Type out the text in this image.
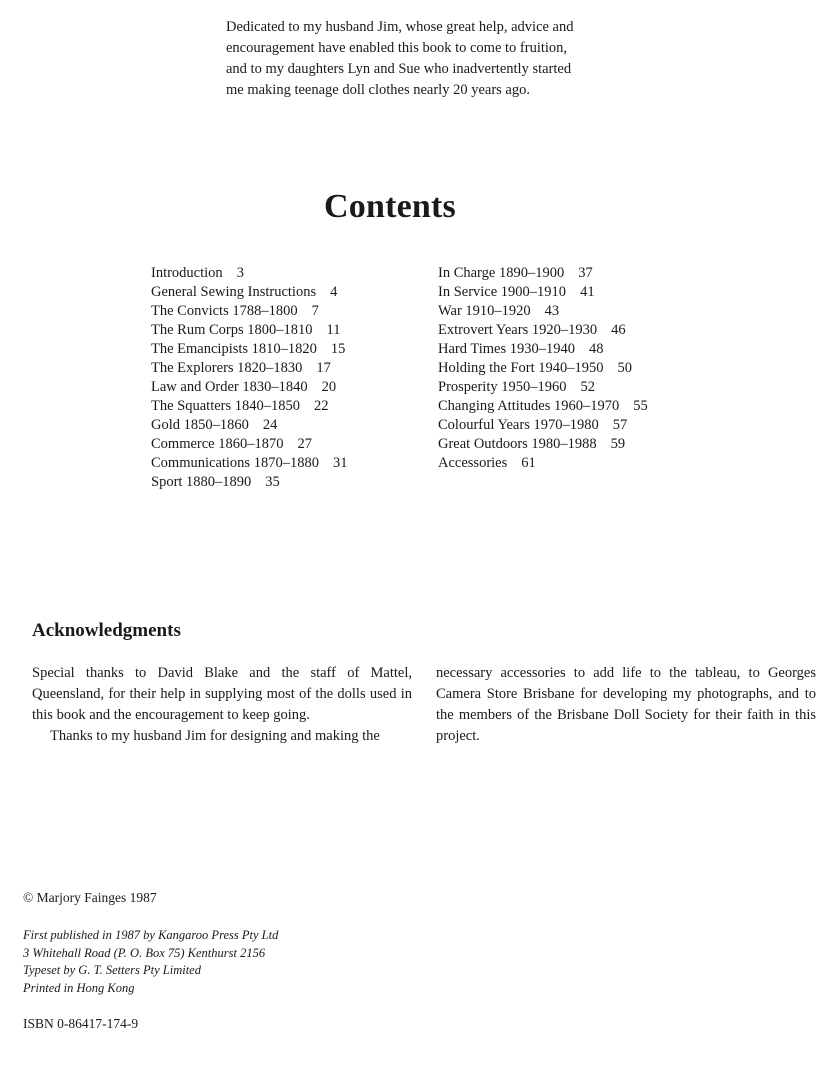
Dedicated to my husband Jim, whose great help, advice and
encouragement have enabled this book to come to fruition,
and to my daughters Lyn and Sue who inadvertently started
me making teenage doll clothes nearly 20 years ago.
Contents
Introduction 3
General Sewing Instructions 4
The Convicts 1788–1800 7
The Rum Corps 1800–1810 11
The Emancipists 1810–1820 15
The Explorers 1820–1830 17
Law and Order 1830–1840 20
The Squatters 1840–1850 22
Gold 1850–1860 24
Commerce 1860–1870 27
Communications 1870–1880 31
Sport 1880–1890 35
In Charge 1890–1900 37
In Service 1900–1910 41
War 1910–1920 43
Extrovert Years 1920–1930 46
Hard Times 1930–1940 48
Holding the Fort 1940–1950 50
Prosperity 1950–1960 52
Changing Attitudes 1960–1970 55
Colourful Years 1970–1980 57
Great Outdoors 1980–1988 59
Accessories 61
Acknowledgments

Special thanks to David Blake and the staff of Mattel, Queensland, for their help in supplying most of the dolls used in this book and the encouragement to keep going.

Thanks to my husband Jim for designing and making the

necessary accessories to add life to the tableau, to Georges Camera Store Brisbane for developing my photographs, and to the members of the Brisbane Doll Society for their faith in this project.

© Marjory Fainges 1987
First published in 1987 by Kangaroo Press Pty Ltd
3 Whitehall Road (P. O. Box 75) Kenthurst 2156
Typeset by G. T. Setters Pty Limited
Printed in Hong Kong
ISBN 0-86417-174-9
